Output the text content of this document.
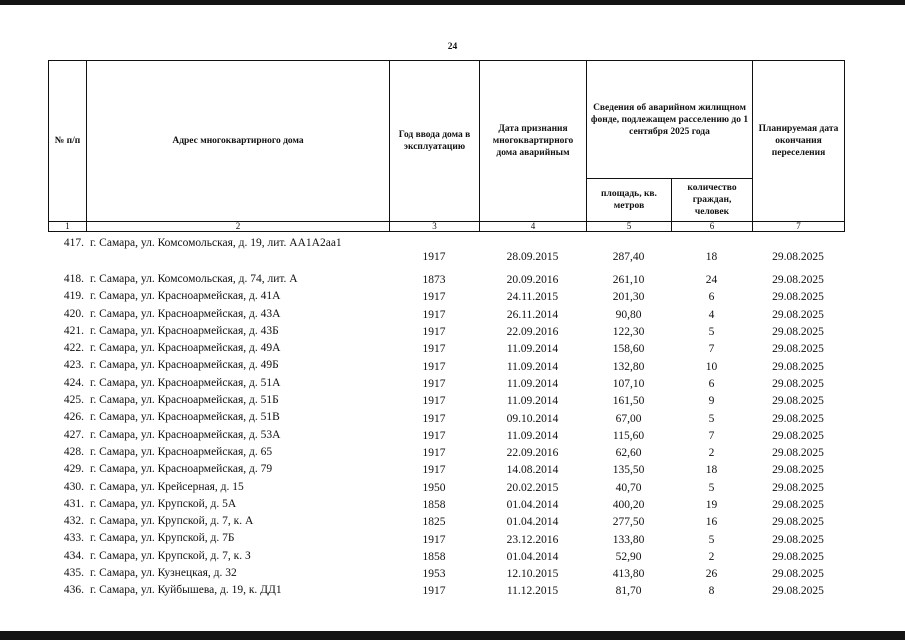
24
№ п/п	Адрес многоквартирного дома	Год ввода дома в эксплуатацию	Дата признания многоквартирного дома аварийным	Сведения об аварийном жилищном фонде, подлежащем расселению до 1 сентября 2025 года		Планируемая дата окончания переселения
				площадь, кв. метров	количество граждан, человек	
1	2	3	4	5	6	7
417.	г. Самара, ул. Комсомольская, д. 19, лит. АА1А2аа1	1917	28.09.2015	287,40	18	29.08.2025
418.	г. Самара, ул. Комсомольская, д. 74, лит. А	1873	20.09.2016	261,10	24	29.08.2025
419.	г. Самара, ул. Красноармейская, д. 41А	1917	24.11.2015	201,30	6	29.08.2025
420.	г. Самара, ул. Красноармейская, д. 43А	1917	26.11.2014	90,80	4	29.08.2025
421.	г. Самара, ул. Красноармейская, д. 43Б	1917	22.09.2016	122,30	5	29.08.2025
422.	г. Самара, ул. Красноармейская, д. 49А	1917	11.09.2014	158,60	7	29.08.2025
423.	г. Самара, ул. Красноармейская, д. 49Б	1917	11.09.2014	132,80	10	29.08.2025
424.	г. Самара, ул. Красноармейская, д. 51А	1917	11.09.2014	107,10	6	29.08.2025
425.	г. Самара, ул. Красноармейская, д. 51Б	1917	11.09.2014	161,50	9	29.08.2025
426.	г. Самара, ул. Красноармейская, д. 51В	1917	09.10.2014	67,00	5	29.08.2025
427.	г. Самара, ул. Красноармейская, д. 53А	1917	11.09.2014	115,60	7	29.08.2025
428.	г. Самара, ул. Красноармейская, д. 65	1917	22.09.2016	62,60	2	29.08.2025
429.	г. Самара, ул. Красноармейская, д. 79	1917	14.08.2014	135,50	18	29.08.2025
430.	г. Самара, ул. Крейсерная, д. 15	1950	20.02.2015	40,70	5	29.08.2025
431.	г. Самара, ул. Крупской, д. 5А	1858	01.04.2014	400,20	19	29.08.2025
432.	г. Самара, ул. Крупской, д. 7, к. А	1825	01.04.2014	277,50	16	29.08.2025
433.	г. Самара, ул. Крупской, д. 7Б	1917	23.12.2016	133,80	5	29.08.2025
434.	г. Самара, ул. Крупской, д. 7, к. З	1858	01.04.2014	52,90	2	29.08.2025
435.	г. Самара, ул. Кузнецкая, д. 32	1953	12.10.2015	413,80	26	29.08.2025
436.	г. Самара, ул. Куйбышева, д. 19, к. ДД1	1917	11.12.2015	81,70	8	29.08.2025
